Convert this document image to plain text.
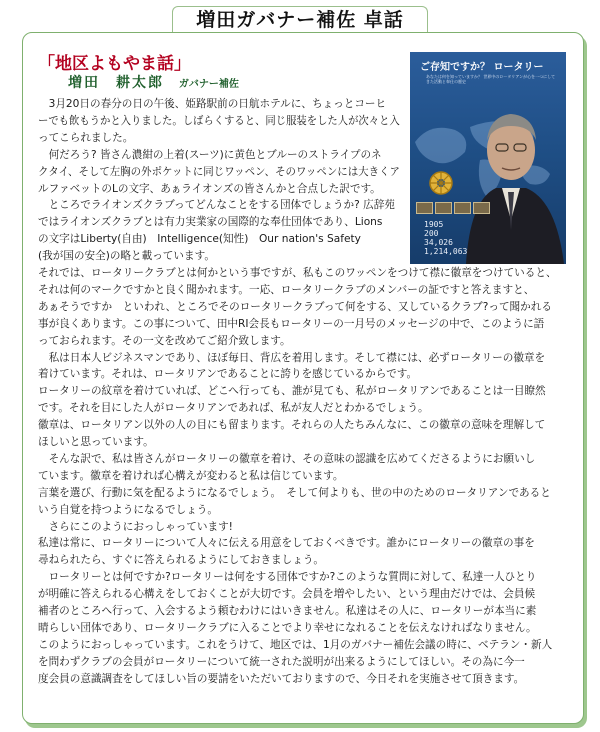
増田ガバナー補佐 卓話
「地区よもやま話」
増田　耕太郎 ガバナー補佐
ご存知ですか？ ロータリー
あなたは何を知っていますか？ 世界中のロータリアンが心を一つにしてきた活動と奉仕の歴史
1905
200
34,026
1,214,063
　3月20日の春分の日の午後、姫路駅前の日航ホテルに、ちょっとコーヒ
ーでも飲もうかと入りました。しばらくすると、同じ服装をした人が次々と入
ってこられました。
　何だろう? 皆さん濃紺の上着(スーツ)に黄色とブルーのストライプのネ
クタイ、そして左胸の外ポケットに同じワッペン、そのワッペンには大きくア
ルファベットのLの文字、あぁライオンズの皆さんかと合点した訳です。
　ところでライオンズクラブってどんなことをする団体でしょうか? 広辞苑
ではライオンズクラブとは有力実業家の国際的な奉仕団体であり、Lions
の文字はLiberty(自由)　Intelligence(知性)　Our nation's Safety
(我が国の安全)の略と載っています。
それでは、ロータリークラブとは何かという事ですが、私もこのワッペンをつけて襟に徽章をつけていると、
それは何のマークですかと良く聞かれます。一応、ロータリークラブのメンバーの証ですと答えますと、
あぁそうですか　といわれ、ところでそのロータリークラブって何をする、又しているクラブ?って聞かれる
事が良くあります。この事について、田中RI会長もロータリーの一月号のメッセージの中で、このように語
っておられます。その一文を改めてご紹介致します。
　私は日本人ビジネスマンであり、ほぼ毎日、背広を着用します。そして襟には、必ずロータリーの徽章を
着けています。それは、ロータリアンであることに誇りを感じているからです。
ロータリーの紋章を着けていれば、どこへ行っても、誰が見ても、私がロータリアンであることは一目瞭然
です。それを目にした人がロータリアンであれば、私が友人だとわかるでしょう。
徽章は、ロータリアン以外の人の目にも留まります。それらの人たちみんなに、この徽章の意味を理解して
ほしいと思っています。
　そんな訳で、私は皆さんがロータリーの徽章を着け、その意味の認識を広めてくださるようにお願いし
ています。徽章を着ければ心構えが変わると私は信じています。
言葉を選び、行動に気を配るようになるでしょう。　そして何よりも、世の中のためのロータリアンであると
いう自覚を持つようになるでしょう。
　さらにこのようにおっしゃっています!
私達は常に、ロータリーについて人々に伝える用意をしておくべきです。誰かにロータリーの徽章の事を
尋ねられたら、すぐに答えられるようにしておきましょう。
　ロータリーとは何ですか?ロータリーは何をする団体ですか?このような質問に対して、私達一人ひとり
が明確に答えられる心構えをしておくことが大切です。会員を増やしたい、という理由だけでは、会員候
補者のところへ行って、入会するよう頼むわけにはいきません。私達はその人に、ロータリーが本当に素
晴らしい団体であり、ロータリークラブに入ることでより幸せになれることを伝えなければなりません。
このようにおっしゃっています。これをうけて、地区では、1月のガバナー補佐会議の時に、ベテラン・新人
を問わずクラブの会員がロータリーについて統一された説明が出来るようにしてほしい。その為に今一
度会員の意識調査をしてほしい旨の要請をいただいておりますので、今日それを実施させて頂きます。
